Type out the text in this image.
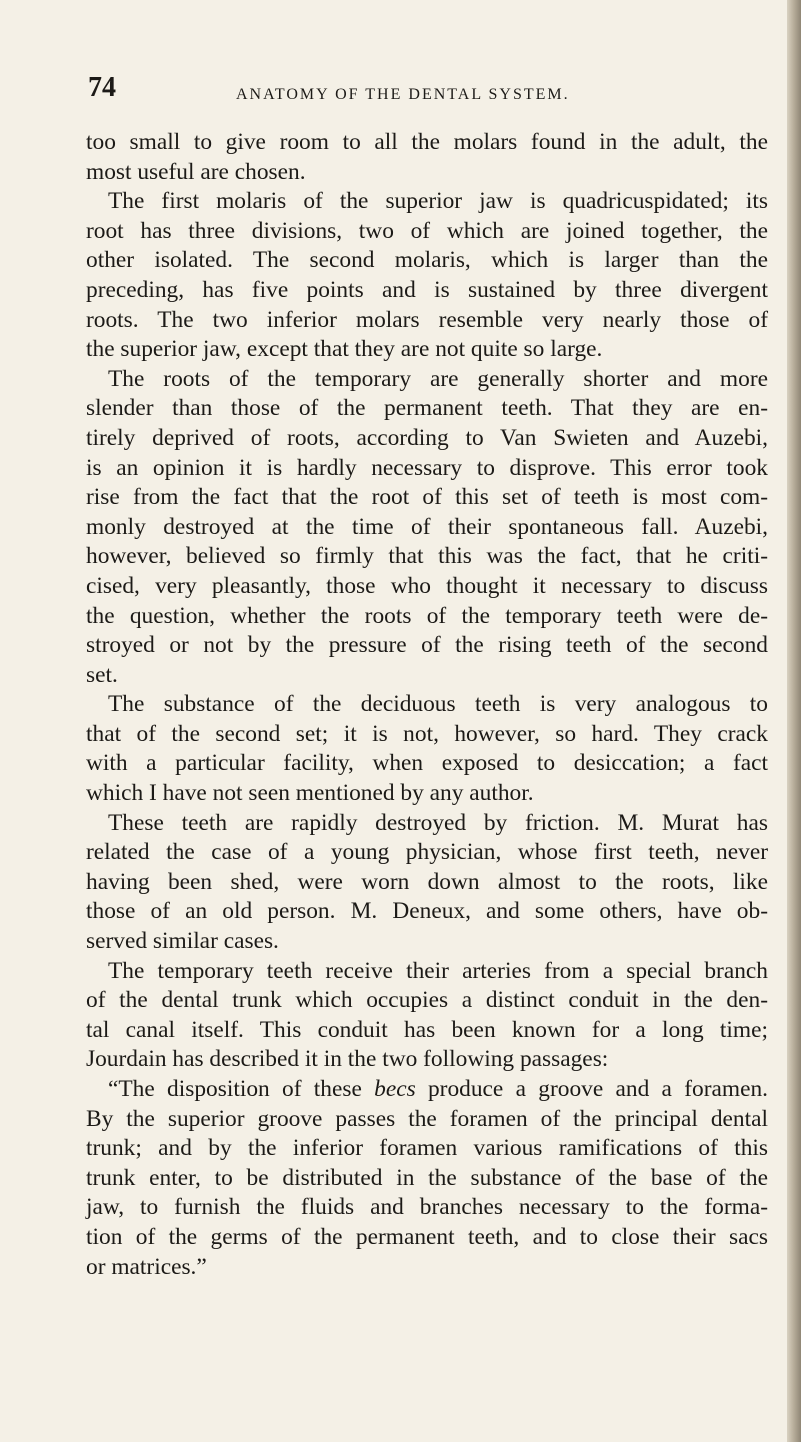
74	ANATOMY OF THE DENTAL SYSTEM.
too small to give room to all the molars found in the adult, the
most useful are chosen.
The first molaris of the superior jaw is quadricuspidated; its
root has three divisions, two of which are joined together, the
other isolated. The second molaris, which is larger than the
preceding, has five points and is sustained by three divergent
roots. The two inferior molars resemble very nearly those of
the superior jaw, except that they are not quite so large.
The roots of the temporary are generally shorter and more
slender than those of the permanent teeth. That they are en-
tirely deprived of roots, according to Van Swieten and Auzebi,
is an opinion it is hardly necessary to disprove. This error took
rise from the fact that the root of this set of teeth is most com-
monly destroyed at the time of their spontaneous fall. Auzebi,
however, believed so firmly that this was the fact, that he criti-
cised, very pleasantly, those who thought it necessary to discuss
the question, whether the roots of the temporary teeth were de-
stroyed or not by the pressure of the rising teeth of the second
set.
The substance of the deciduous teeth is very analogous to
that of the second set; it is not, however, so hard. They crack
with a particular facility, when exposed to desiccation; a fact
which I have not seen mentioned by any author.
These teeth are rapidly destroyed by friction. M. Murat has
related the case of a young physician, whose first teeth, never
having been shed, were worn down almost to the roots, like
those of an old person. M. Deneux, and some others, have ob-
served similar cases.
The temporary teeth receive their arteries from a special branch
of the dental trunk which occupies a distinct conduit in the den-
tal canal itself. This conduit has been known for a long time;
Jourdain has described it in the two following passages:
“The disposition of these becs produce a groove and a foramen.
By the superior groove passes the foramen of the principal dental
trunk; and by the inferior foramen various ramifications of this
trunk enter, to be distributed in the substance of the base of the
jaw, to furnish the fluids and branches necessary to the forma-
tion of the germs of the permanent teeth, and to close their sacs
or matrices.”
